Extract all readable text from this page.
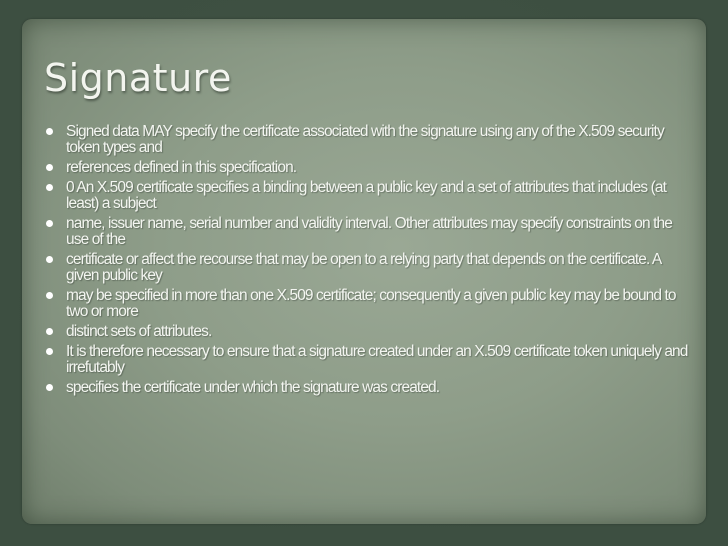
Signature
Signed data MAY specify the certificate associated with the signature using any of the X.509 security token types and
references defined in this specification.
0 An X.509 certificate specifies a binding between a public key and a set of attributes that includes (at least) a subject
name, issuer name, serial number and validity interval. Other attributes may specify constraints on the use of the
certificate or affect the recourse that may be open to a relying party that depends on the certificate. A given public key
may be specified in more than one X.509 certificate; consequently a given public key may be bound to two or more
distinct sets of attributes.
It is therefore necessary to ensure that a signature created under an X.509 certificate token uniquely and irrefutably
specifies the certificate under which the signature was created.
